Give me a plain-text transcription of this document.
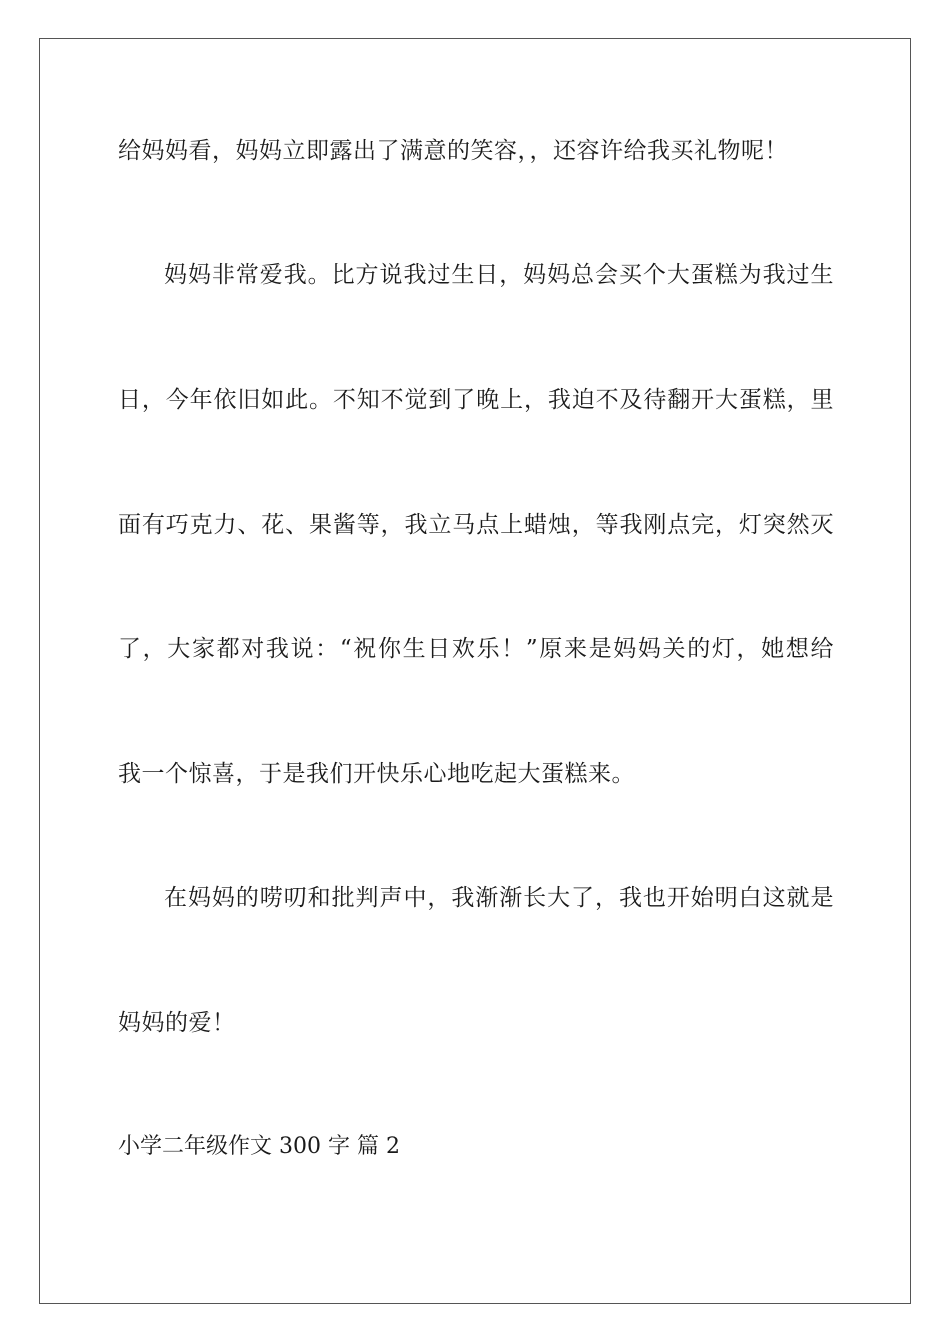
给妈妈看，妈妈立即露出了满意的笑容，，还容许给我买礼物呢！
妈妈非常爱我。比方说我过生日，妈妈总会买个大蛋糕为我过生
日，今年依旧如此。不知不觉到了晚上，我迫不及待翻开大蛋糕，里
面有巧克力、花、果酱等，我立马点上蜡烛，等我刚点完，灯突然灭
了，大家都对我说：“祝你生日欢乐！”原来是妈妈关的灯，她想给
我一个惊喜，于是我们开快乐心地吃起大蛋糕来。
在妈妈的唠叨和批判声中，我渐渐长大了，我也开始明白这就是
妈妈的爱！
小学二年级作文 300 字 篇 2
